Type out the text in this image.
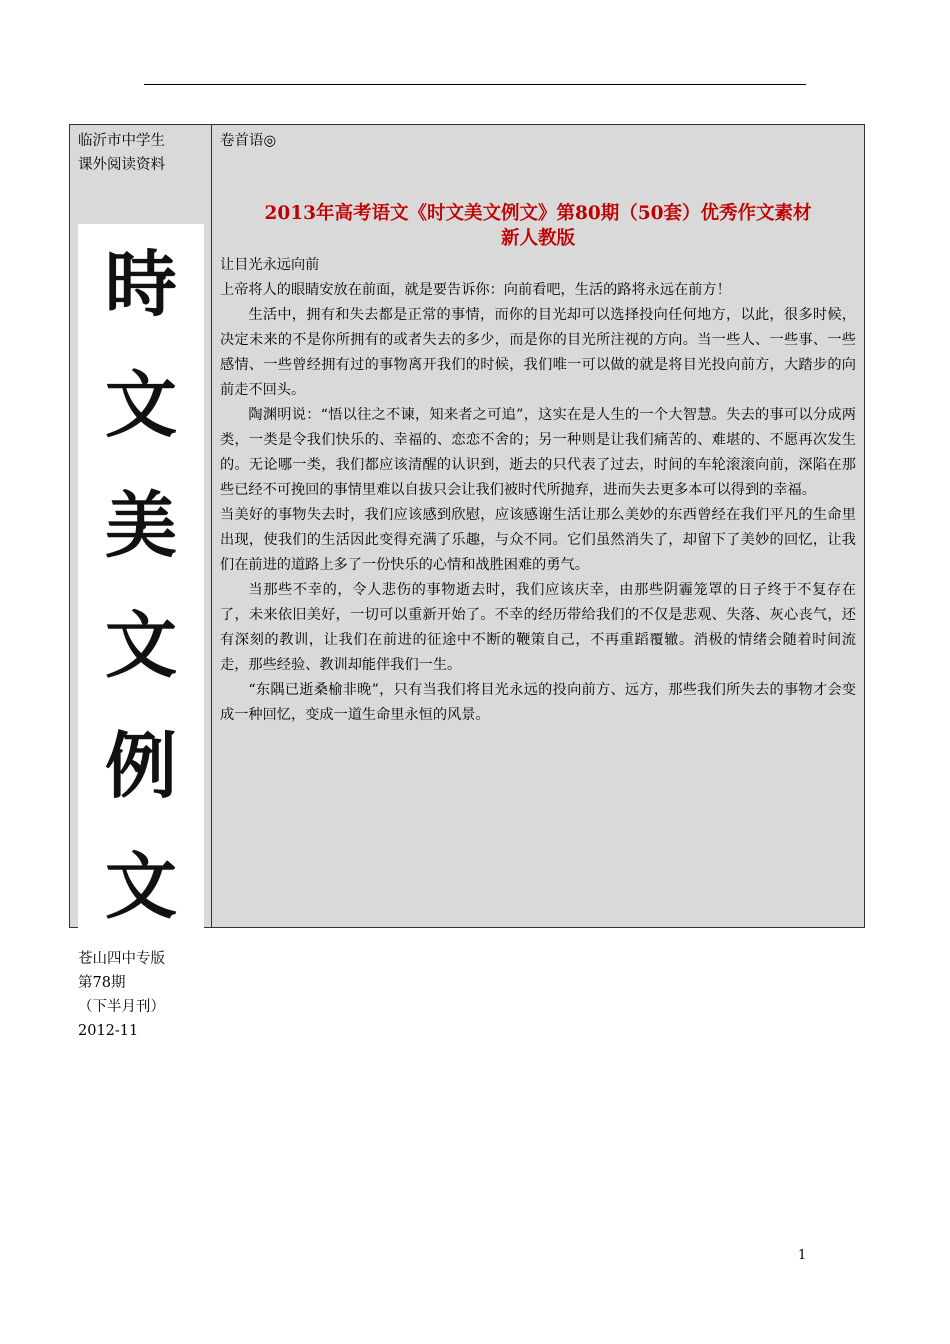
临沂市中学生
课外阅读资料
時
文
美
文
例
文
苍山四中专版
第78期
（下半月刊）
2012-11
卷首语◎
2013年高考语文《时文美文例文》第80期（50套）优秀作文素材
新人教版

让目光永远向前

上帝将人的眼睛安放在前面，就是要告诉你：向前看吧，生活的路将永远在前方！

生活中，拥有和失去都是正常的事情，而你的目光却可以选择投向任何地方，以此，很多时候，决定未来的不是你所拥有的或者失去的多少，而是你的目光所注视的方向。当一些人、一些事、一些感情、一些曾经拥有过的事物离开我们的时候，我们唯一可以做的就是将目光投向前方，大踏步的向前走不回头。

陶渊明说：“悟以往之不谏，知来者之可追”，这实在是人生的一个大智慧。失去的事可以分成两类，一类是令我们快乐的、幸福的、恋恋不舍的；另一种则是让我们痛苦的、难堪的、不愿再次发生的。无论哪一类，我们都应该清醒的认识到，逝去的只代表了过去，时间的车轮滚滚向前，深陷在那些已经不可挽回的事情里难以自拔只会让我们被时代所抛弃，进而失去更多本可以得到的幸福。

当美好的事物失去时，我们应该感到欣慰，应该感谢生活让那么美妙的东西曾经在我们平凡的生命里出现，使我们的生活因此变得充满了乐趣，与众不同。它们虽然消失了，却留下了美妙的回忆，让我们在前进的道路上多了一份快乐的心情和战胜困难的勇气。

当那些不幸的，令人悲伤的事物逝去时，我们应该庆幸，由那些阴霾笼罩的日子终于不复存在了，未来依旧美好，一切可以重新开始了。不幸的经历带给我们的不仅是悲观、失落、灰心丧气，还有深刻的教训，让我们在前进的征途中不断的鞭策自己，不再重蹈覆辙。消极的情绪会随着时间流走，那些经验、教训却能伴我们一生。

“东隅已逝桑榆非晚”，只有当我们将目光永远的投向前方、远方，那些我们所失去的事物才会变成一种回忆，变成一道生命里永恒的风景。

1
